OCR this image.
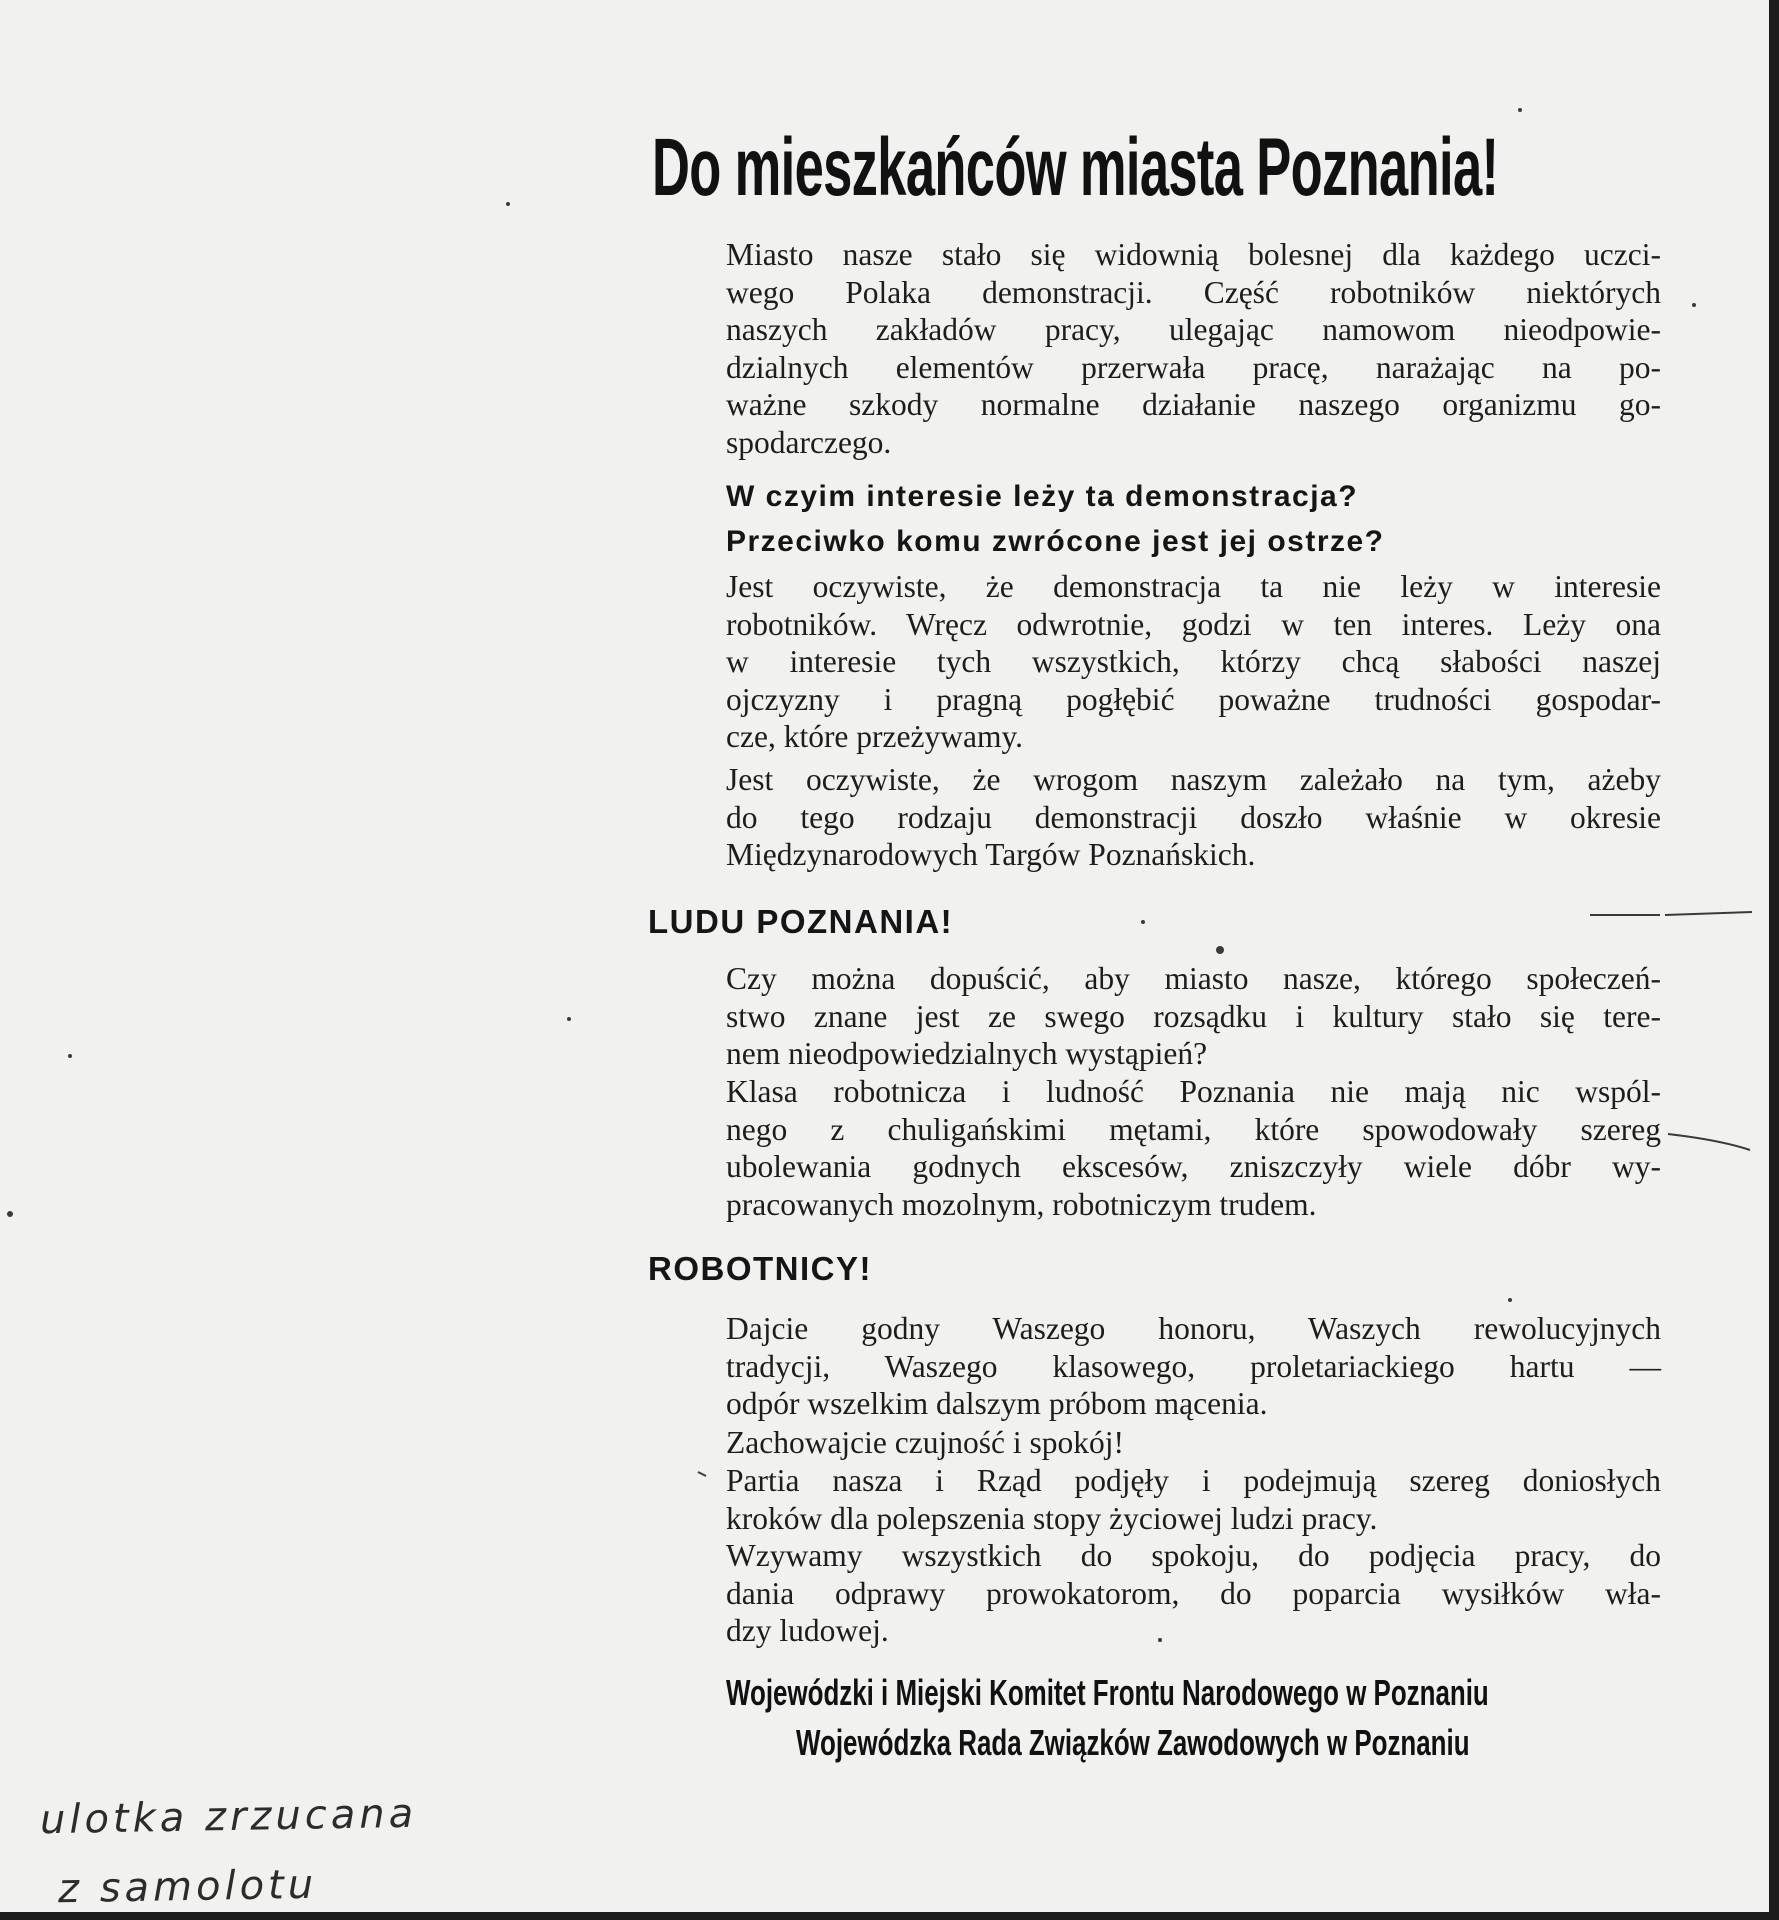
Do mieszkańców miasta Poznania!

Miasto nasze stało się widownią bolesnej dla każdego uczci-
wego Polaka demonstracji. Część robotników niektórych
naszych zakładów pracy, ulegając namowom nieodpowie-
dzialnych elementów przerwała pracę, narażając na po-
ważne szkody normalne działanie naszego organizmu go-
spodarczego.

W czyim interesie leży ta demonstracja?

Przeciwko komu zwrócone jest jej ostrze?

Jest oczywiste, że demonstracja ta nie leży w interesie
robotników. Wręcz odwrotnie, godzi w ten interes. Leży ona
w interesie tych wszystkich, którzy chcą słabości naszej
ojczyzny i pragną pogłębić poważne trudności gospodar-
cze, które przeżywamy.

Jest oczywiste, że wrogom naszym zależało na tym, ażeby
do tego rodzaju demonstracji doszło właśnie w okresie
Międzynarodowych Targów Poznańskich.

LUDU POZNANIA!

Czy można dopuścić, aby miasto nasze, którego społeczeń-
stwo znane jest ze swego rozsądku i kultury stało się tere-
nem nieodpowiedzialnych wystąpień?

Klasa robotnicza i ludność Poznania nie mają nic wspól-
nego z chuligańskimi mętami, które spowodowały szereg
ubolewania godnych ekscesów, zniszczyły wiele dóbr wy-
pracowanych mozolnym, robotniczym trudem.

ROBOTNICY!

Dajcie godny Waszego honoru, Waszych rewolucyjnych
tradycji, Waszego klasowego, proletariackiego hartu —
odpór wszelkim dalszym próbom mącenia.

Zachowajcie czujność i spokój!

Partia nasza i Rząd podjęły i podejmują szereg doniosłych
kroków dla polepszenia stopy życiowej ludzi pracy.

Wzywamy wszystkich do spokoju, do podjęcia pracy, do
dania odprawy prowokatorom, do poparcia wysiłków wła-
dzy ludowej.

Wojewódzki i Miejski Komitet Frontu Narodowego w Poznaniu

Wojewódzka Rada Związków Zawodowych w Poznaniu

ulotka zrzucana

z samolotu
